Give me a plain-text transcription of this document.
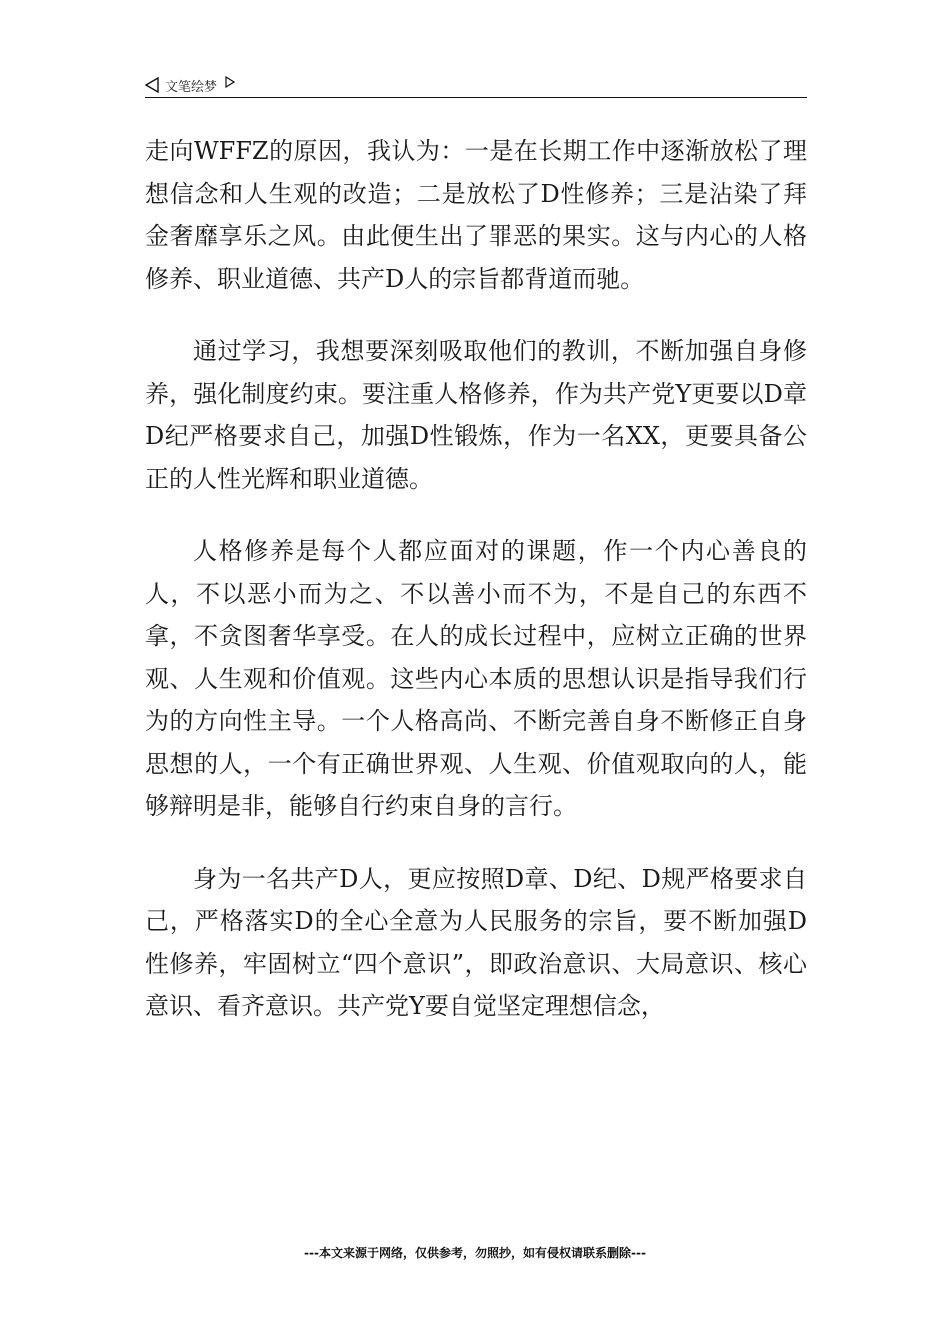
文笔绘梦

走向WFFZ的原因，我认为：一是在长期工作中逐渐放松了理想信念和人生观的改造；二是放松了D性修养；三是沾染了拜金奢靡享乐之风。由此便生出了罪恶的果实。这与内心的人格修养、职业道德、共产D人的宗旨都背道而驰。

通过学习，我想要深刻吸取他们的教训，不断加强自身修养，强化制度约束。要注重人格修养，作为共产党Y更要以D章D纪严格要求自己，加强D性锻炼，作为一名XX，更要具备公正的人性光辉和职业道德。

人格修养是每个人都应面对的课题，作一个内心善良的人，不以恶小而为之、不以善小而不为，不是自己的东西不拿，不贪图奢华享受。在人的成长过程中，应树立正确的世界观、人生观和价值观。这些内心本质的思想认识是指导我们行为的方向性主导。一个人格高尚、不断完善自身不断修正自身思想的人，一个有正确世界观、人生观、价值观取向的人，能够辩明是非，能够自行约束自身的言行。

身为一名共产D人，更应按照D章、D纪、D规严格要求自己，严格落实D的全心全意为人民服务的宗旨，要不断加强D性修养，牢固树立“四个意识”，即政治意识、大局意识、核心意识、看齐意识。共产党Y要自觉坚定理想信念，

---本文来源于网络，仅供参考，勿照抄，如有侵权请联系删除---
